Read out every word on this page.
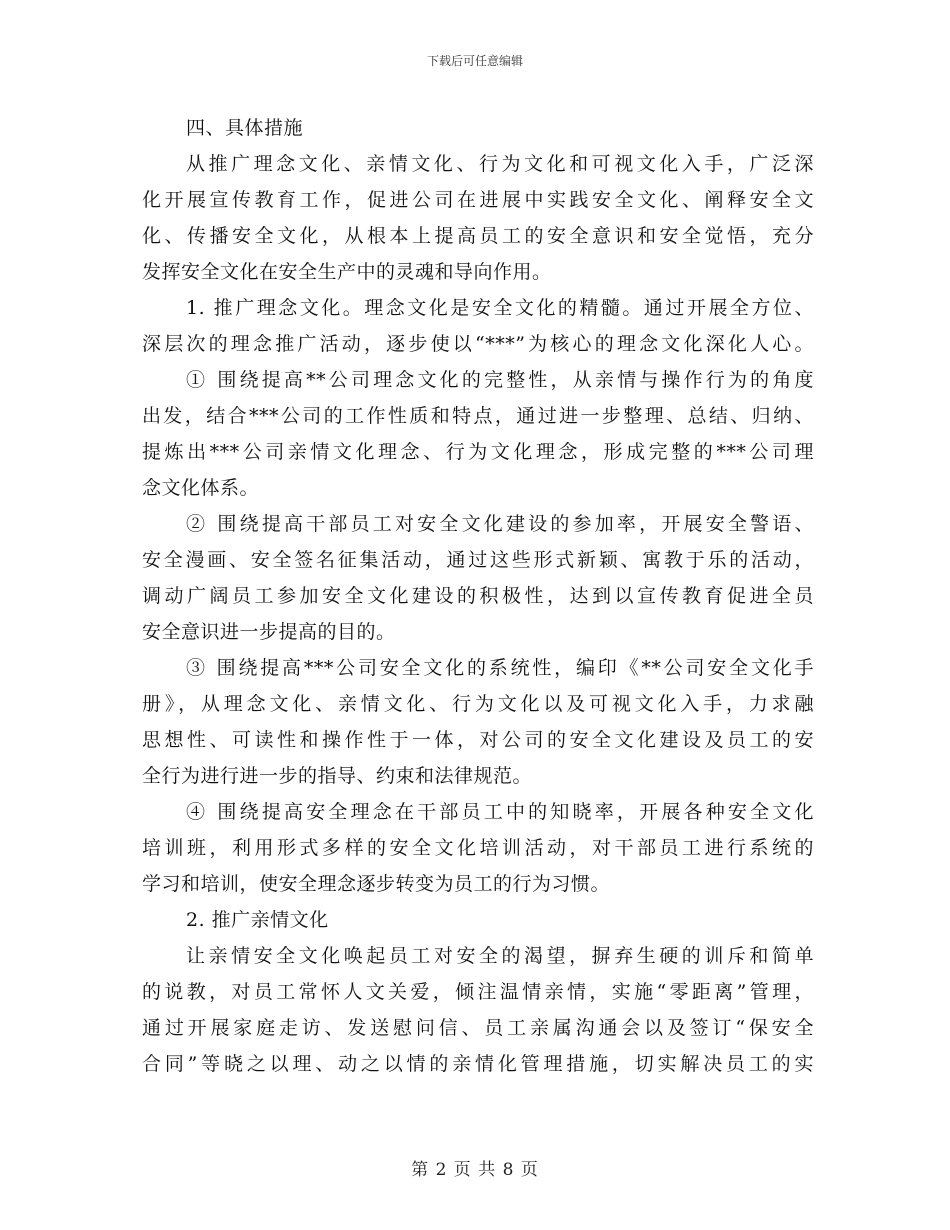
下载后可任意编辑
四、具体措施
从推广理念文化、亲情文化、行为文化和可视文化入手，广泛深
化开展宣传教育工作，促进公司在进展中实践安全文化、阐释安全文
化、传播安全文化，从根本上提高员工的安全意识和安全觉悟，充分
发挥安全文化在安全生产中的灵魂和导向作用。
1. 推广理念文化。理念文化是安全文化的精髓。通过开展全方位、
深层次的理念推广活动，逐步使以“***”为核心的理念文化深化人心。
① 围绕提高**公司理念文化的完整性，从亲情与操作行为的角度
出发，结合***公司的工作性质和特点，通过进一步整理、总结、归纳、
提炼出***公司亲情文化理念、行为文化理念，形成完整的***公司理
念文化体系。
② 围绕提高干部员工对安全文化建设的参加率，开展安全警语、
安全漫画、安全签名征集活动，通过这些形式新颖、寓教于乐的活动，
调动广阔员工参加安全文化建设的积极性，达到以宣传教育促进全员
安全意识进一步提高的目的。
③ 围绕提高***公司安全文化的系统性，编印《**公司安全文化手
册》，从理念文化、亲情文化、行为文化以及可视文化入手，力求融
思想性、可读性和操作性于一体，对公司的安全文化建设及员工的安
全行为进行进一步的指导、约束和法律规范。
④ 围绕提高安全理念在干部员工中的知晓率，开展各种安全文化
培训班，利用形式多样的安全文化培训活动，对干部员工进行系统的
学习和培训，使安全理念逐步转变为员工的行为习惯。
2. 推广亲情文化
让亲情安全文化唤起员工对安全的渴望，摒弃生硬的训斥和简单
的说教，对员工常怀人文关爱，倾注温情亲情，实施“零距离”管理，
通过开展家庭走访、发送慰问信、员工亲属沟通会以及签订“保安全
合同”等晓之以理、动之以情的亲情化管理措施，切实解决员工的实
第 2 页 共 8 页
